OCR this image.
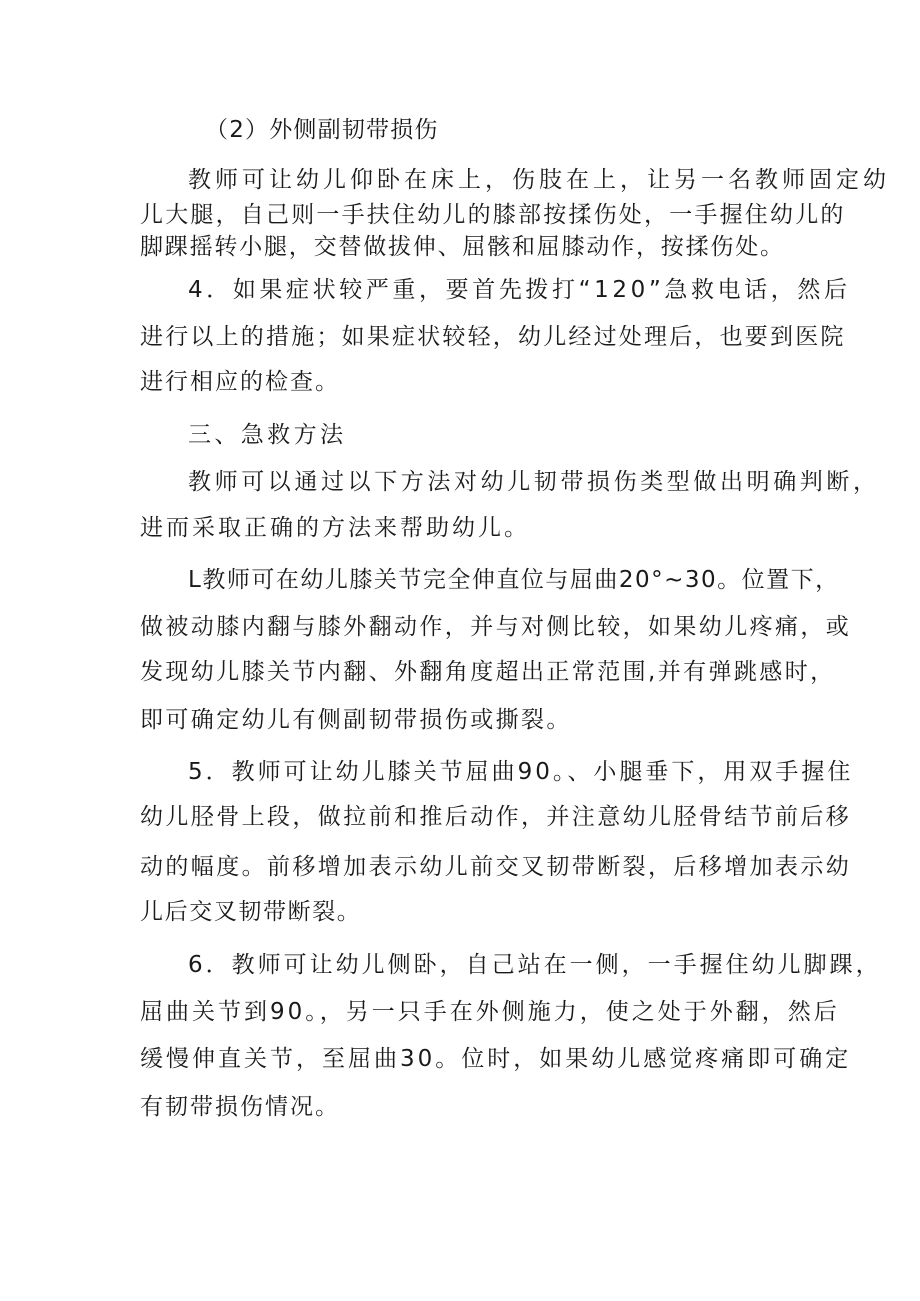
（2）外侧副韧带损伤

教师可让幼儿仰卧在床上，伤肢在上，让另一名教师固定幼

儿大腿，自己则一手扶住幼儿的膝部按揉伤处，一手握住幼儿的

脚踝摇转小腿，交替做拔伸、屈骸和屈膝动作，按揉伤处。

4．如果症状较严重，要首先拨打“120”急救电话，然后

进行以上的措施；如果症状较轻，幼儿经过处理后，也要到医院

进行相应的检查。

三、急救方法

教师可以通过以下方法对幼儿韧带损伤类型做出明确判断，

进而采取正确的方法来帮助幼儿。

L教师可在幼儿膝关节完全伸直位与屈曲20°~30。位置下，

做被动膝内翻与膝外翻动作，并与对侧比较，如果幼儿疼痛，或

发现幼儿膝关节内翻、外翻角度超出正常范围,并有弹跳感时，

即可确定幼儿有侧副韧带损伤或撕裂。

5．教师可让幼儿膝关节屈曲90。、小腿垂下，用双手握住

幼儿胫骨上段，做拉前和推后动作，并注意幼儿胫骨结节前后移

动的幅度。前移增加表示幼儿前交叉韧带断裂，后移增加表示幼

儿后交叉韧带断裂。

6．教师可让幼儿侧卧，自己站在一侧，一手握住幼儿脚踝，

屈曲关节到90。，另一只手在外侧施力，使之处于外翻，然后

缓慢伸直关节，至屈曲30。位时，如果幼儿感觉疼痛即可确定

有韧带损伤情况。
